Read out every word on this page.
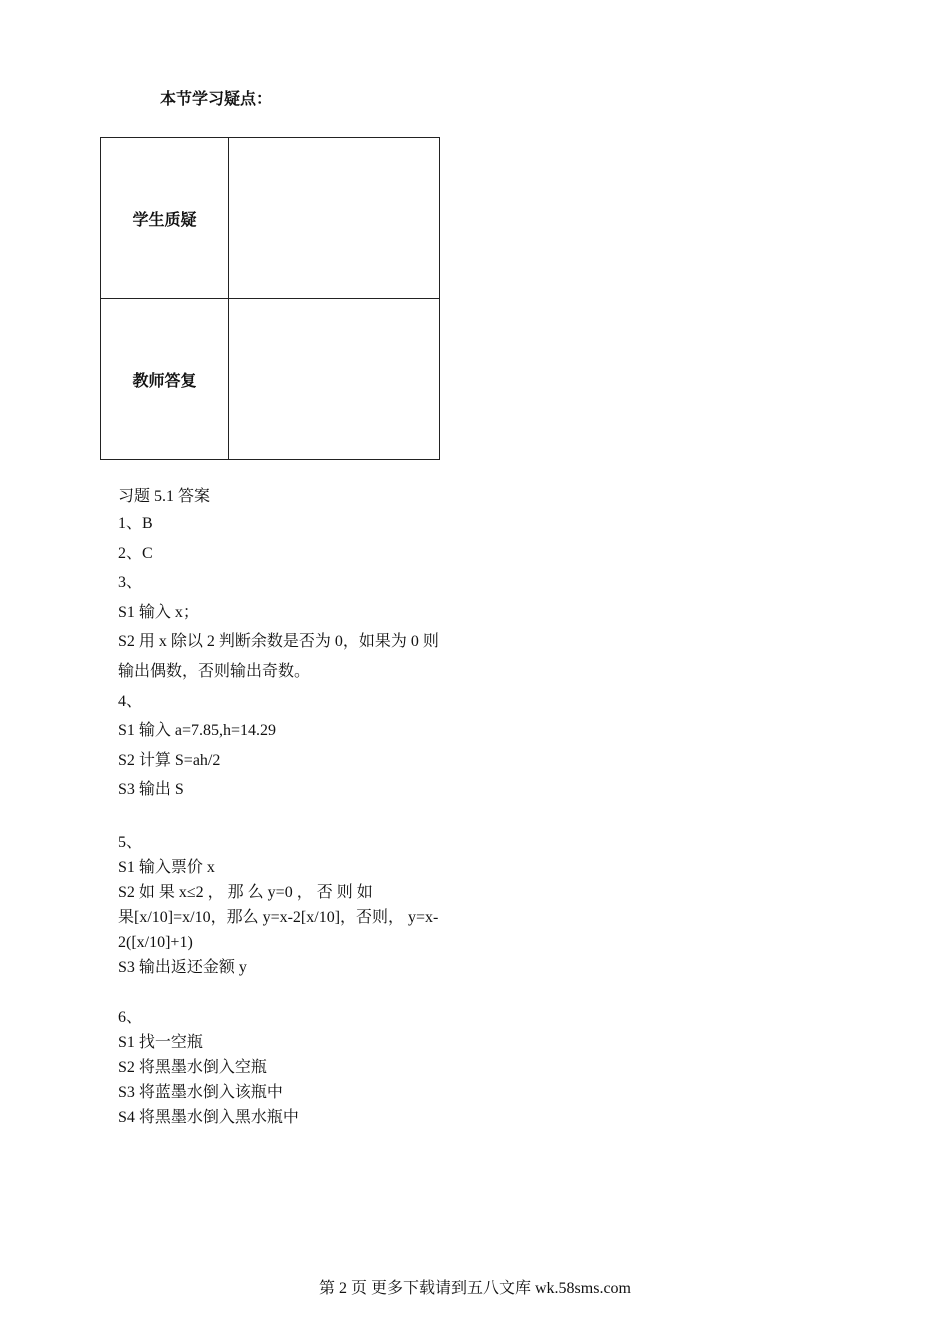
本节学习疑点：
学生质疑	
教师答复	
习题 5.1 答案
1、B
2、C
3、
S1 输入 x；
S2 用 x 除以 2 判断余数是否为 0，如果为 0 则
输出偶数，否则输出奇数。
4、
S1 输入 a=7.85,h=14.29
S2 计算 S=ah/2
S3 输出 S
5、
S1 输入票价 x
S2 如 果 x≤2 ， 那 么 y=0 ， 否 则 如
果[x/10]=x/10，那么 y=x-2[x/10]，否则， y=x-
2([x/10]+1)
S3 输出返还金额 y
6、
S1 找一空瓶
S2 将黑墨水倒入空瓶
S3 将蓝墨水倒入该瓶中
S4 将黑墨水倒入黑水瓶中
第 2 页 更多下载请到五八文库 wk.58sms.com
